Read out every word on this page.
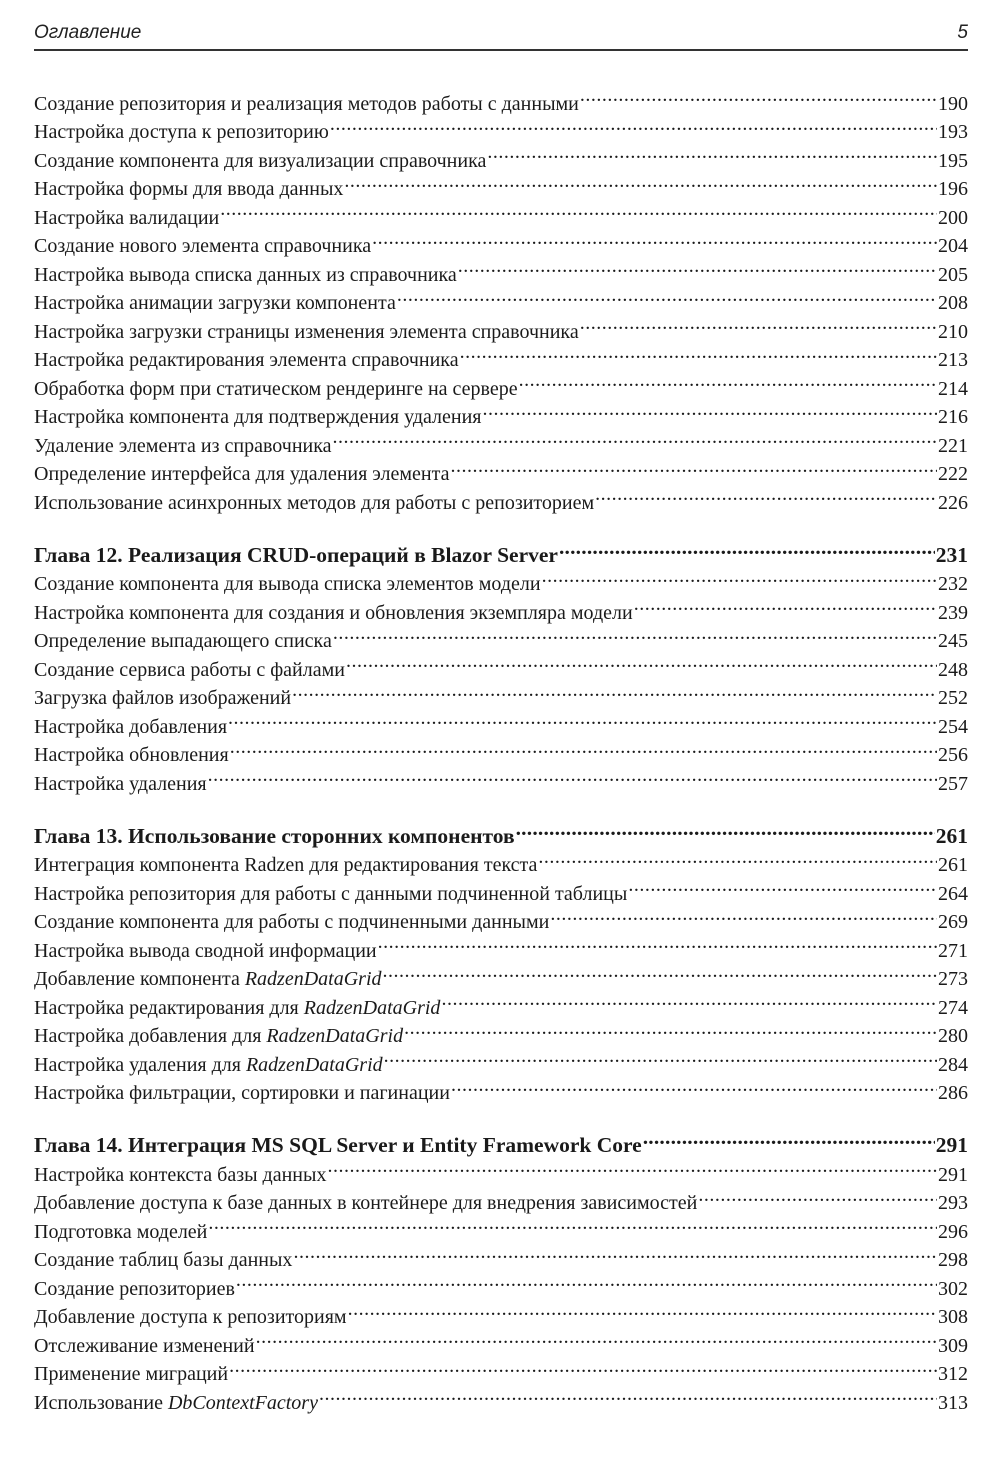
Оглавление	5
Создание репозитория и реализация методов работы с данными .....	190
Настройка доступа к репозиторию .....	193
Создание компонента для визуализации справочника .....	195
Настройка формы для ввода данных .....	196
Настройка валидации .....	200
Создание нового элемента справочника .....	204
Настройка вывода списка данных из справочника .....	205
Настройка анимации загрузки компонента .....	208
Настройка загрузки страницы изменения элемента справочника .....	210
Настройка редактирования элемента справочника .....	213
Обработка форм при статическом рендеринге на сервере .....	214
Настройка компонента для подтверждения удаления .....	216
Удаление элемента из справочника .....	221
Определение интерфейса для удаления элемента .....	222
Использование асинхронных методов для работы с репозиторием .....	226
Глава 12. Реализация CRUD-операций в Blazor Server .....	231
Создание компонента для вывода списка элементов модели .....	232
Настройка компонента для создания и обновления экземпляра модели .....	239
Определение выпадающего списка .....	245
Создание сервиса работы с файлами .....	248
Загрузка файлов изображений .....	252
Настройка добавления .....	254
Настройка обновления .....	256
Настройка удаления .....	257
Глава 13. Использование сторонних компонентов .....	261
Интеграция компонента Radzen для редактирования текста .....	261
Настройка репозитория для работы с данными подчиненной таблицы .....	264
Создание компонента для работы с подчиненными данными .....	269
Настройка вывода сводной информации .....	271
Добавление компонента RadzenDataGrid .....	273
Настройка редактирования для RadzenDataGrid .....	274
Настройка добавления для RadzenDataGrid .....	280
Настройка удаления для RadzenDataGrid .....	284
Настройка фильтрации, сортировки и пагинации .....	286
Глава 14. Интеграция MS SQL Server и Entity Framework Core .....	291
Настройка контекста базы данных .....	291
Добавление доступа к базе данных в контейнере для внедрения зависимостей .....	293
Подготовка моделей .....	296
Создание таблиц базы данных .....	298
Создание репозиториев .....	302
Добавление доступа к репозиториям .....	308
Отслеживание изменений .....	309
Применение миграций .....	312
Использование DbContextFactory .....	313
